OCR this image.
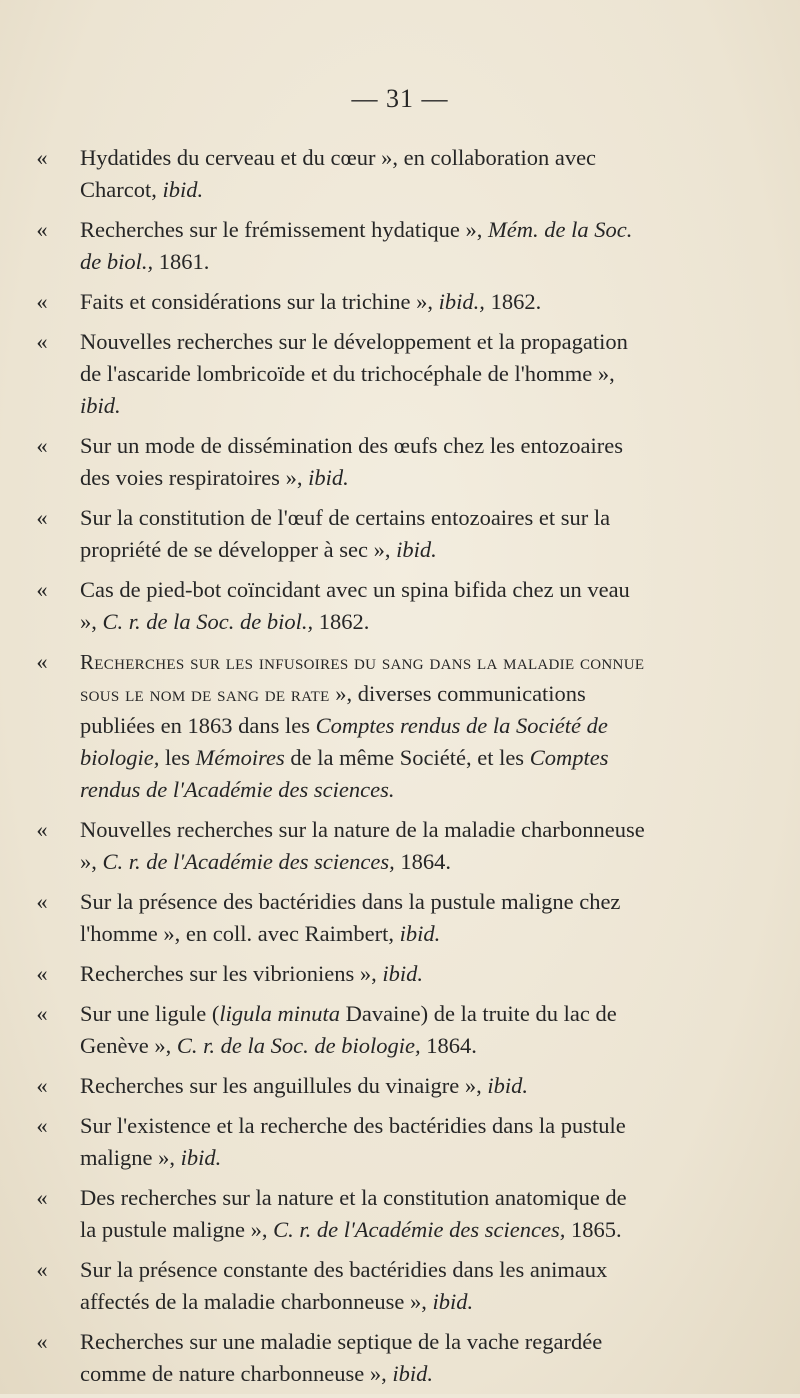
— 31 —
« Hydatides du cerveau et du cœur », en collaboration avec Charcot, ibid.
« Recherches sur le frémissement hydatique », Mém. de la Soc. de biol., 1861.
« Faits et considérations sur la trichine », ibid., 1862.
« Nouvelles recherches sur le développement et la propagation de l'ascaride lombricoïde et du trichocéphale de l'homme », ibid.
« Sur un mode de dissémination des œufs chez les entozoaires des voies respiratoires », ibid.
« Sur la constitution de l'œuf de certains entozoaires et sur la propriété de se développer à sec », ibid.
« Cas de pied-bot coïncidant avec un spina bifida chez un veau », C. r. de la Soc. de biol., 1862.
«	Recherches sur les infusoires du sang dans la maladie connue sous le nom de sang de rate », diverses communications publiées en 1863 dans les Comptes rendus de la Société de biologie, les Mémoires de la même Société, et les Comptes rendus de l'Académie des sciences.
« Nouvelles recherches sur la nature de la maladie charbonneuse », C. r. de l'Académie des sciences, 1864.
« Sur la présence des bactéridies dans la pustule maligne chez l'homme », en coll. avec Raimbert, ibid.
« Recherches sur les vibrioniens », ibid.
« Sur une ligule (ligula minuta Davaine) de la truite du lac de Genève », C. r. de la Soc. de biologie, 1864.
« Recherches sur les anguillules du vinaigre », ibid.
« Sur l'existence et la recherche des bactéridies dans la pustule maligne », ibid.
« Des recherches sur la nature et la constitution anatomique de la pustule maligne », C. r. de l'Académie des sciences, 1865.
« Sur la présence constante des bactéridies dans les animaux affectés de la maladie charbonneuse », ibid.
« Recherches sur une maladie septique de la vache regardée comme de nature charbonneuse », ibid.
